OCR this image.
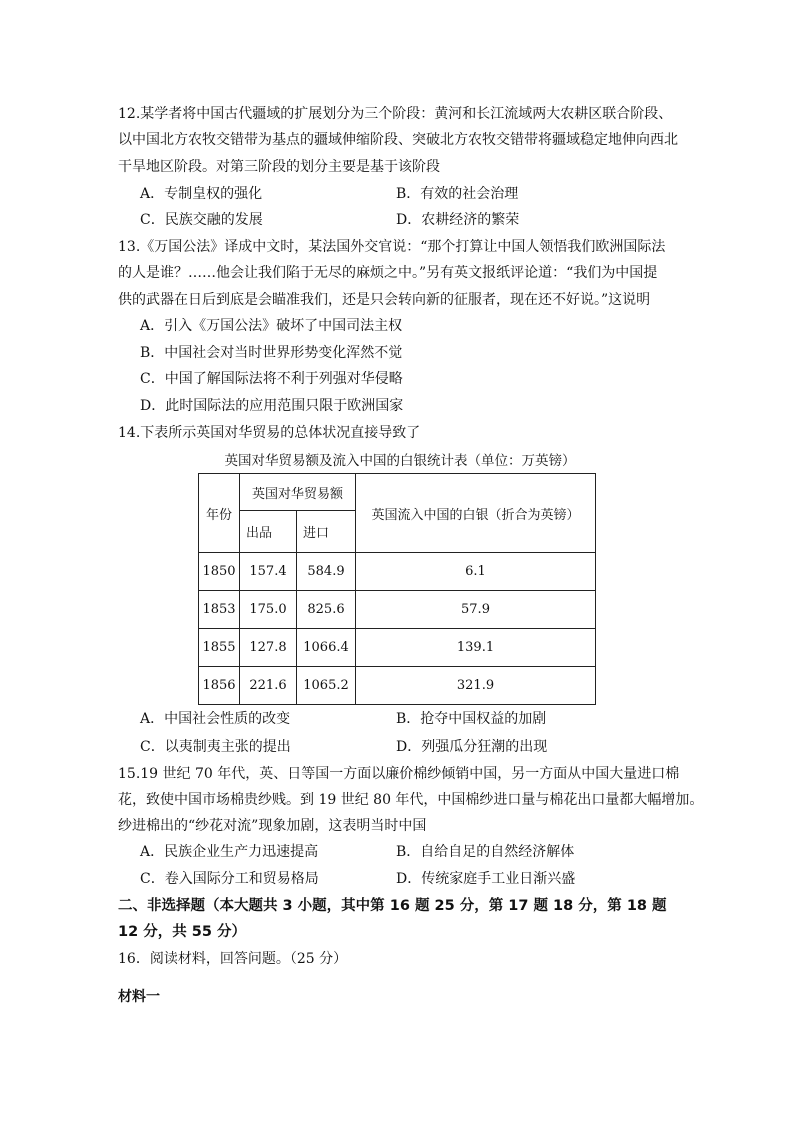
12.某学者将中国古代疆域的扩展划分为三个阶段：黄河和长江流域两大农耕区联合阶段、
以中国北方农牧交错带为基点的疆域伸缩阶段、突破北方农牧交错带将疆域稳定地伸向西北
干旱地区阶段。对第三阶段的划分主要是基于该阶段
A．专制皇权的强化	B．有效的社会治理
C．民族交融的发展	D．农耕经济的繁荣
13.《万国公法》译成中文时，某法国外交官说：“那个打算让中国人领悟我们欧洲国际法
的人是谁？……他会让我们陷于无尽的麻烦之中。”另有英文报纸评论道：“我们为中国提
供的武器在日后到底是会瞄准我们，还是只会转向新的征服者，现在还不好说。”这说明
A．引入《万国公法》破坏了中国司法主权
B．中国社会对当时世界形势变化浑然不觉
C．中国了解国际法将不利于列强对华侵略
D．此时国际法的应用范围只限于欧洲国家
14.下表所示英国对华贸易的总体状况直接导致了
英国对华贸易额及流入中国的白银统计表（单位：万英镑）
年份	英国对华贸易额		英国流入中国的白银（折合为英镑）
	出品	进口	
1850	157.4	584.9	6.1
1853	175.0	825.6	57.9
1855	127.8	1066.4	139.1
1856	221.6	1065.2	321.9
A．中国社会性质的改变	B．抢夺中国权益的加剧
C．以夷制夷主张的提出	D．列强瓜分狂潮的出现
15.19 世纪 70 年代，英、日等国一方面以廉价棉纱倾销中国，另一方面从中国大量进口棉
花，致使中国市场棉贵纱贱。到 19 世纪 80 年代，中国棉纱进口量与棉花出口量都大幅增加。
纱进棉出的“纱花对流”现象加剧，这表明当时中国
A．民族企业生产力迅速提高	B．自给自足的自然经济解体
C．卷入国际分工和贸易格局	D．传统家庭手工业日渐兴盛
二、非选择题（本大题共 3 小题，其中第 16 题 25 分，第 17 题 18 分，第 18 题
12 分，共 55 分）
16．阅读材料，回答问题。（25 分）
材料一
